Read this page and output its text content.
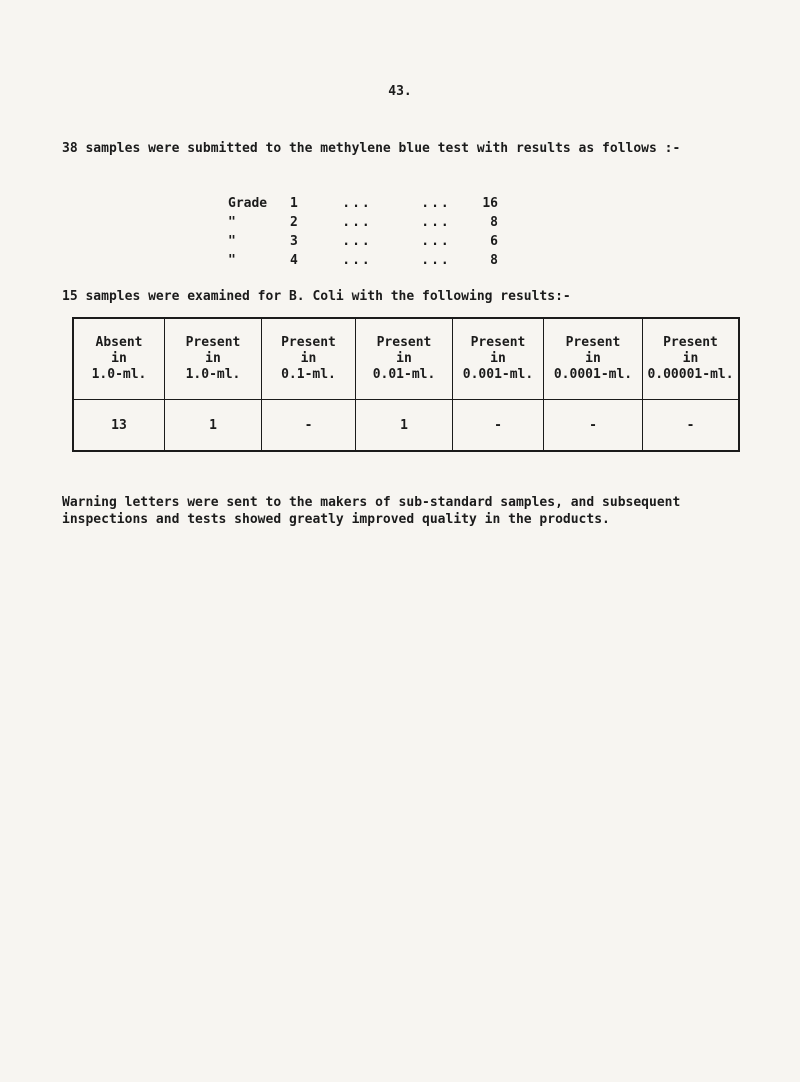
43.
38 samples were submitted to the methylene blue test with results as follows :-
Grade	1	...	...	16
"	2	...	...	8
"	3	...	...	6
"	4	...	...	8
15 samples were examined for B. Coli with the following results:-
Absent
in
1.0-ml.	Present
in
1.0-ml.	Present
in
0.1-ml.	Present
in
0.01-ml.	Present
in
0.001-ml.	Present
in
0.0001-ml.	Present
in
0.00001-ml.

13	1	-	1	-	-	-
Warning letters were sent to the makers of sub-standard samples, and subsequent inspections and tests showed greatly improved quality in the products.
